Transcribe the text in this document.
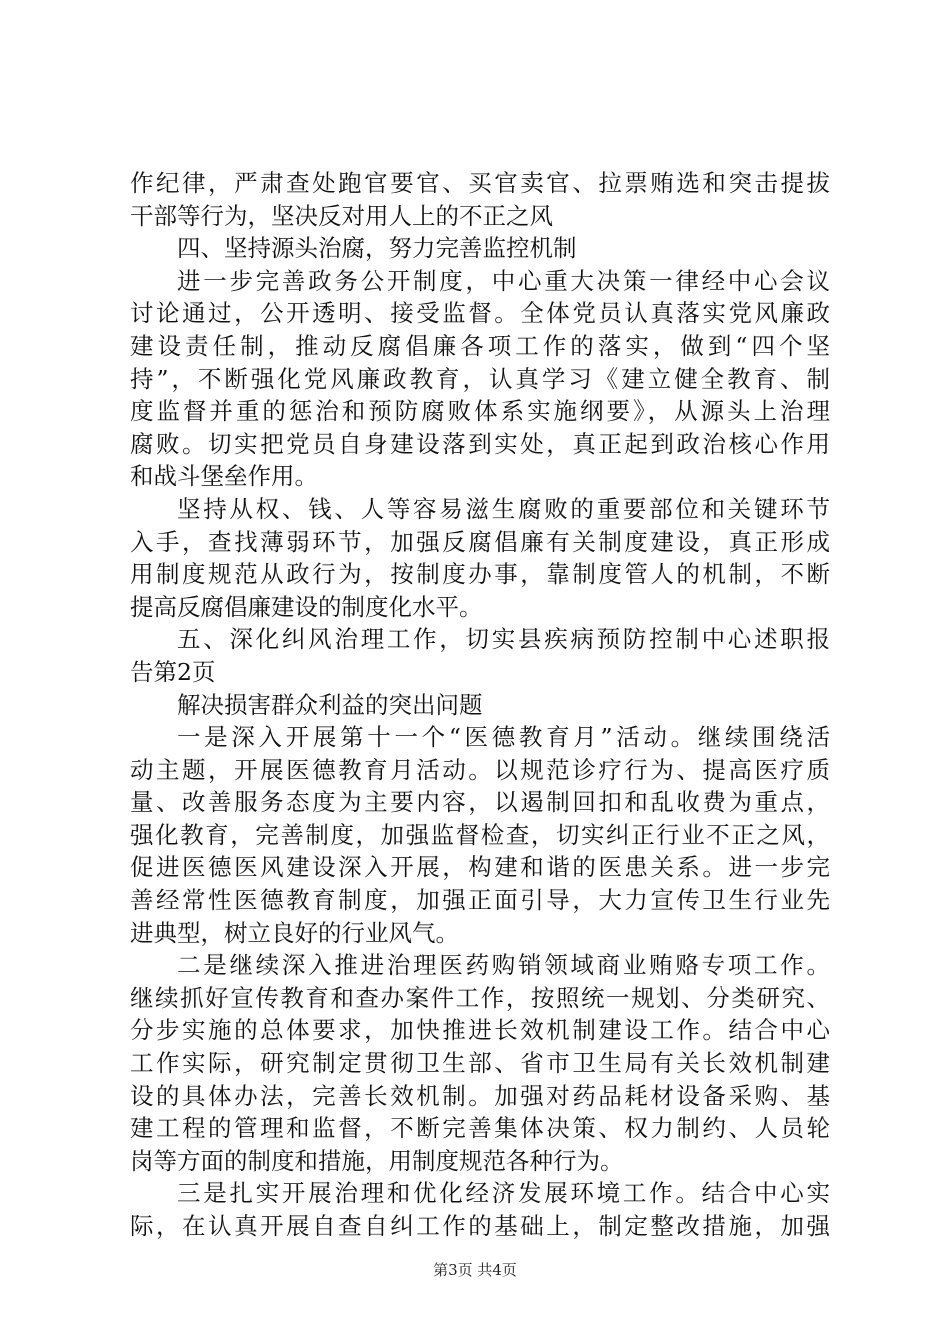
作纪律，严肃查处跑官要官、买官卖官、拉票贿选和突击提拔
干部等行为，坚决反对用人上的不正之风
四、坚持源头治腐，努力完善监控机制
进一步完善政务公开制度，中心重大决策一律经中心会议
讨论通过，公开透明、接受监督。全体党员认真落实党风廉政
建设责任制，推动反腐倡廉各项工作的落实，做到“四个坚
持”，不断强化党风廉政教育，认真学习《建立健全教育、制
度监督并重的惩治和预防腐败体系实施纲要》，从源头上治理
腐败。切实把党员自身建设落到实处，真正起到政治核心作用
和战斗堡垒作用。
坚持从权、钱、人等容易滋生腐败的重要部位和关键环节
入手，查找薄弱环节，加强反腐倡廉有关制度建设，真正形成
用制度规范从政行为，按制度办事，靠制度管人的机制，不断
提高反腐倡廉建设的制度化水平。
五、深化纠风治理工作，切实县疾病预防控制中心述职报
告第2页
解决损害群众利益的突出问题
一是深入开展第十一个“医德教育月”活动。继续围绕活
动主题，开展医德教育月活动。以规范诊疗行为、提高医疗质
量、改善服务态度为主要内容，以遏制回扣和乱收费为重点，
强化教育，完善制度，加强监督检查，切实纠正行业不正之风，
促进医德医风建设深入开展，构建和谐的医患关系。进一步完
善经常性医德教育制度，加强正面引导，大力宣传卫生行业先
进典型，树立良好的行业风气。
二是继续深入推进治理医药购销领域商业贿赂专项工作。
继续抓好宣传教育和查办案件工作，按照统一规划、分类研究、
分步实施的总体要求，加快推进长效机制建设工作。结合中心
工作实际，研究制定贯彻卫生部、省市卫生局有关长效机制建
设的具体办法，完善长效机制。加强对药品耗材设备采购、基
建工程的管理和监督，不断完善集体决策、权力制约、人员轮
岗等方面的制度和措施，用制度规范各种行为。
三是扎实开展治理和优化经济发展环境工作。结合中心实
际，在认真开展自查自纠工作的基础上，制定整改措施，加强
第3页 共4页
